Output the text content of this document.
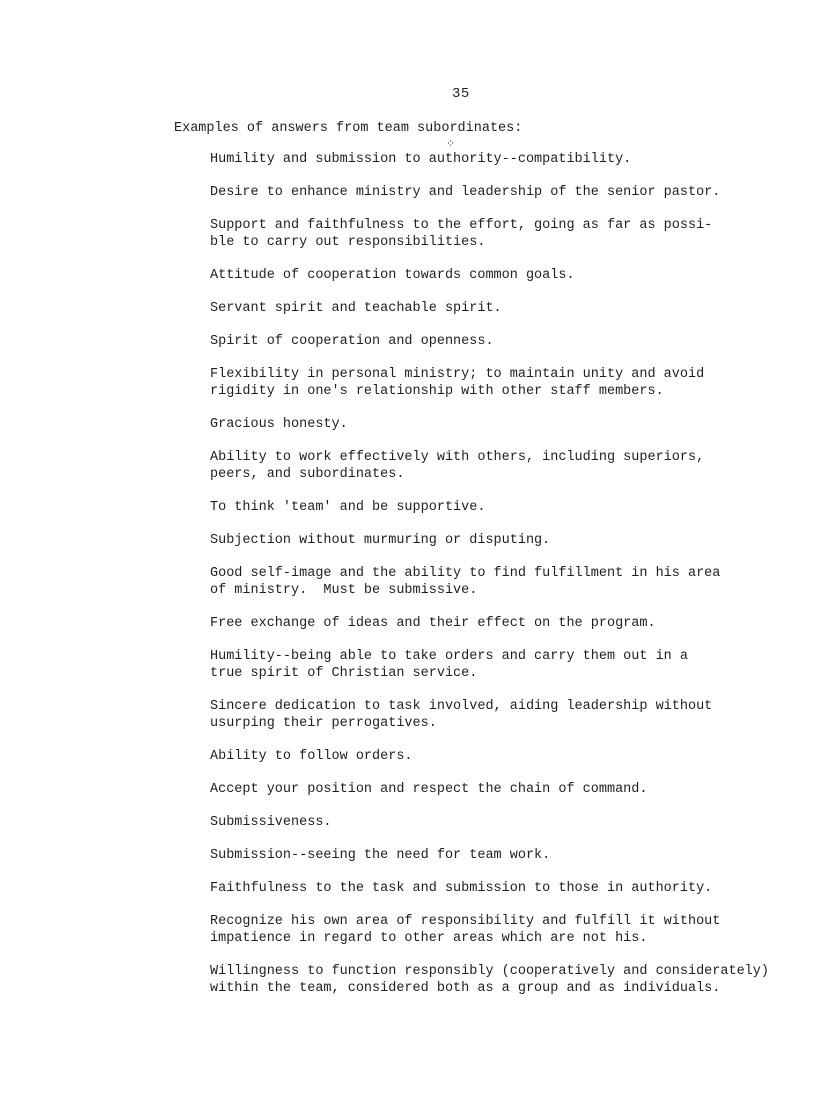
35
Examples of answers from team subordinates:
⁘
Humility and submission to authority--compatibility.
Desire to enhance ministry and leadership of the senior pastor.
Support and faithfulness to the effort, going as far as possi-
ble to carry out responsibilities.
Attitude of cooperation towards common goals.
Servant spirit and teachable spirit.
Spirit of cooperation and openness.
Flexibility in personal ministry; to maintain unity and avoid
rigidity in one's relationship with other staff members.
Gracious honesty.
Ability to work effectively with others, including superiors,
peers, and subordinates.
To think 'team' and be supportive.
Subjection without murmuring or disputing.
Good self-image and the ability to find fulfillment in his area
of ministry.  Must be submissive.
Free exchange of ideas and their effect on the program.
Humility--being able to take orders and carry them out in a
true spirit of Christian service.
Sincere dedication to task involved, aiding leadership without
usurping their perrogatives.
Ability to follow orders.
Accept your position and respect the chain of command.
Submissiveness.
Submission--seeing the need for team work.
Faithfulness to the task and submission to those in authority.
Recognize his own area of responsibility and fulfill it without
impatience in regard to other areas which are not his.
Willingness to function responsibly (cooperatively and considerately)
within the team, considered both as a group and as individuals.
